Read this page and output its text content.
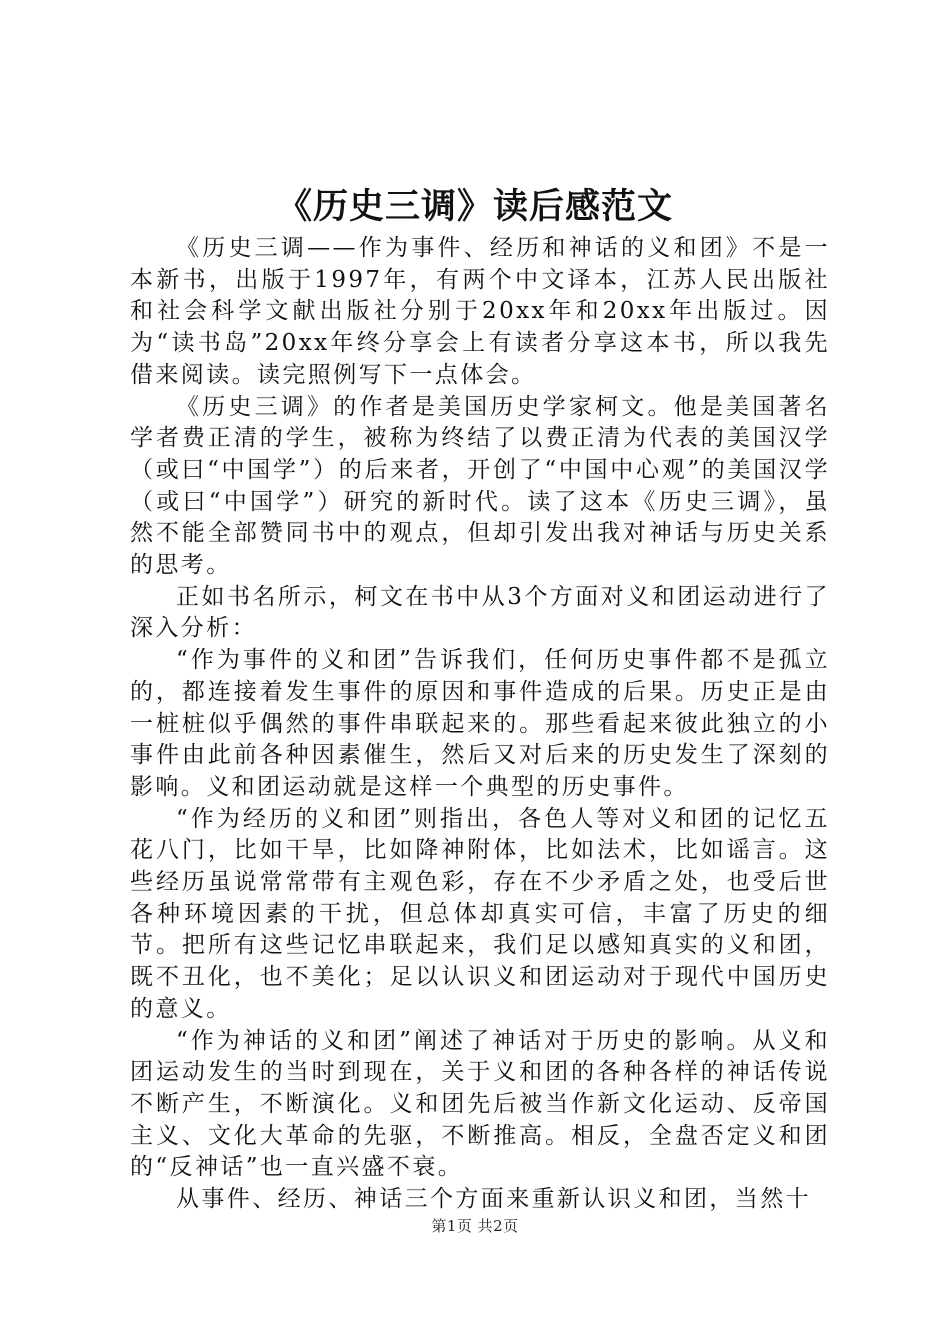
《历史三调》读后感范文

《历史三调——作为事件、经历和神话的义和团》不是一本新书，出版于1997年，有两个中文译本，江苏人民出版社和社会科学文献出版社分别于20xx年和20xx年出版过。因为“读书岛”20xx年终分享会上有读者分享这本书，所以我先借来阅读。读完照例写下一点体会。

《历史三调》的作者是美国历史学家柯文。他是美国著名学者费正清的学生，被称为终结了以费正清为代表的美国汉学（或曰“中国学”）的后来者，开创了“中国中心观”的美国汉学（或曰“中国学”）研究的新时代。读了这本《历史三调》，虽然不能全部赞同书中的观点，但却引发出我对神话与历史关系的思考。

正如书名所示，柯文在书中从3个方面对义和团运动进行了深入分析：

“作为事件的义和团”告诉我们，任何历史事件都不是孤立的，都连接着发生事件的原因和事件造成的后果。历史正是由一桩桩似乎偶然的事件串联起来的。那些看起来彼此独立的小事件由此前各种因素催生，然后又对后来的历史发生了深刻的影响。义和团运动就是这样一个典型的历史事件。

“作为经历的义和团”则指出，各色人等对义和团的记忆五花八门，比如干旱，比如降神附体，比如法术，比如谣言。这些经历虽说常常带有主观色彩，存在不少矛盾之处，也受后世各种环境因素的干扰，但总体却真实可信，丰富了历史的细节。把所有这些记忆串联起来，我们足以感知真实的义和团，既不丑化，也不美化；足以认识义和团运动对于现代中国历史的意义。

“作为神话的义和团”阐述了神话对于历史的影响。从义和团运动发生的当时到现在，关于义和团的各种各样的神话传说不断产生，不断演化。义和团先后被当作新文化运动、反帝国主义、文化大革命的先驱，不断推高。相反，全盘否定义和团的“反神话”也一直兴盛不衰。

从事件、经历、神话三个方面来重新认识义和团，当然十

第1页 共2页
